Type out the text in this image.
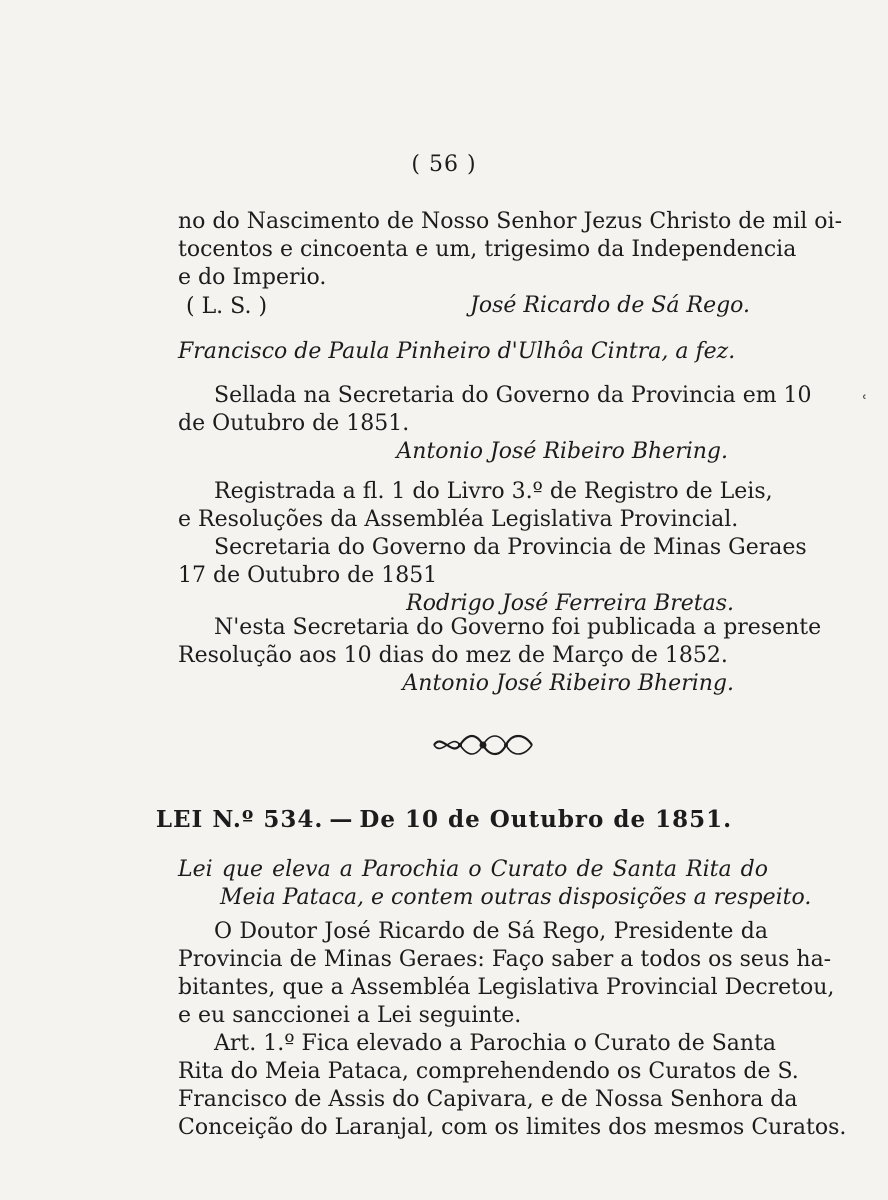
( 56 )
no do Nascimento de Nosso Senhor Jezus Christo de mil oi-
tocentos e cincoenta e um, trigesimo da Independencia
e do Imperio.
( L. S. )	José Ricardo de Sá Rego.
Francisco de Paula Pinheiro d'Ulhôa Cintra, a fez.
Sellada na Secretaria do Governo da Provincia em 10
de Outubro de 1851.
Antonio José Ribeiro Bhering.
Registrada a fl. 1 do Livro 3.º de Registro de Leis,
e Resoluções da Assembléa Legislativa Provincial.
Secretaria do Governo da Provincia de Minas Geraes
17 de Outubro de 1851
Rodrigo José Ferreira Bretas.
N'esta Secretaria do Governo foi publicada a presente
Resolução aos 10 dias do mez de Março de 1852.
Antonio José Ribeiro Bhering.
LEI N.º 534. — De 10 de Outubro de 1851.
Lei que eleva a Parochia o Curato de Santa Rita do
Meia Pataca, e contem outras disposições a respeito.
O Doutor José Ricardo de Sá Rego, Presidente da
Provincia de Minas Geraes: Faço saber a todos os seus ha-
bitantes, que a Assembléa Legislativa Provincial Decretou,
e eu sanccionei a Lei seguinte.
Art. 1.º Fica elevado a Parochia o Curato de Santa
Rita do Meia Pataca, comprehendendo os Curatos de S.
Francisco de Assis do Capivara, e de Nossa Senhora da
Conceição do Laranjal, com os limites dos mesmos Curatos.
ʿ
